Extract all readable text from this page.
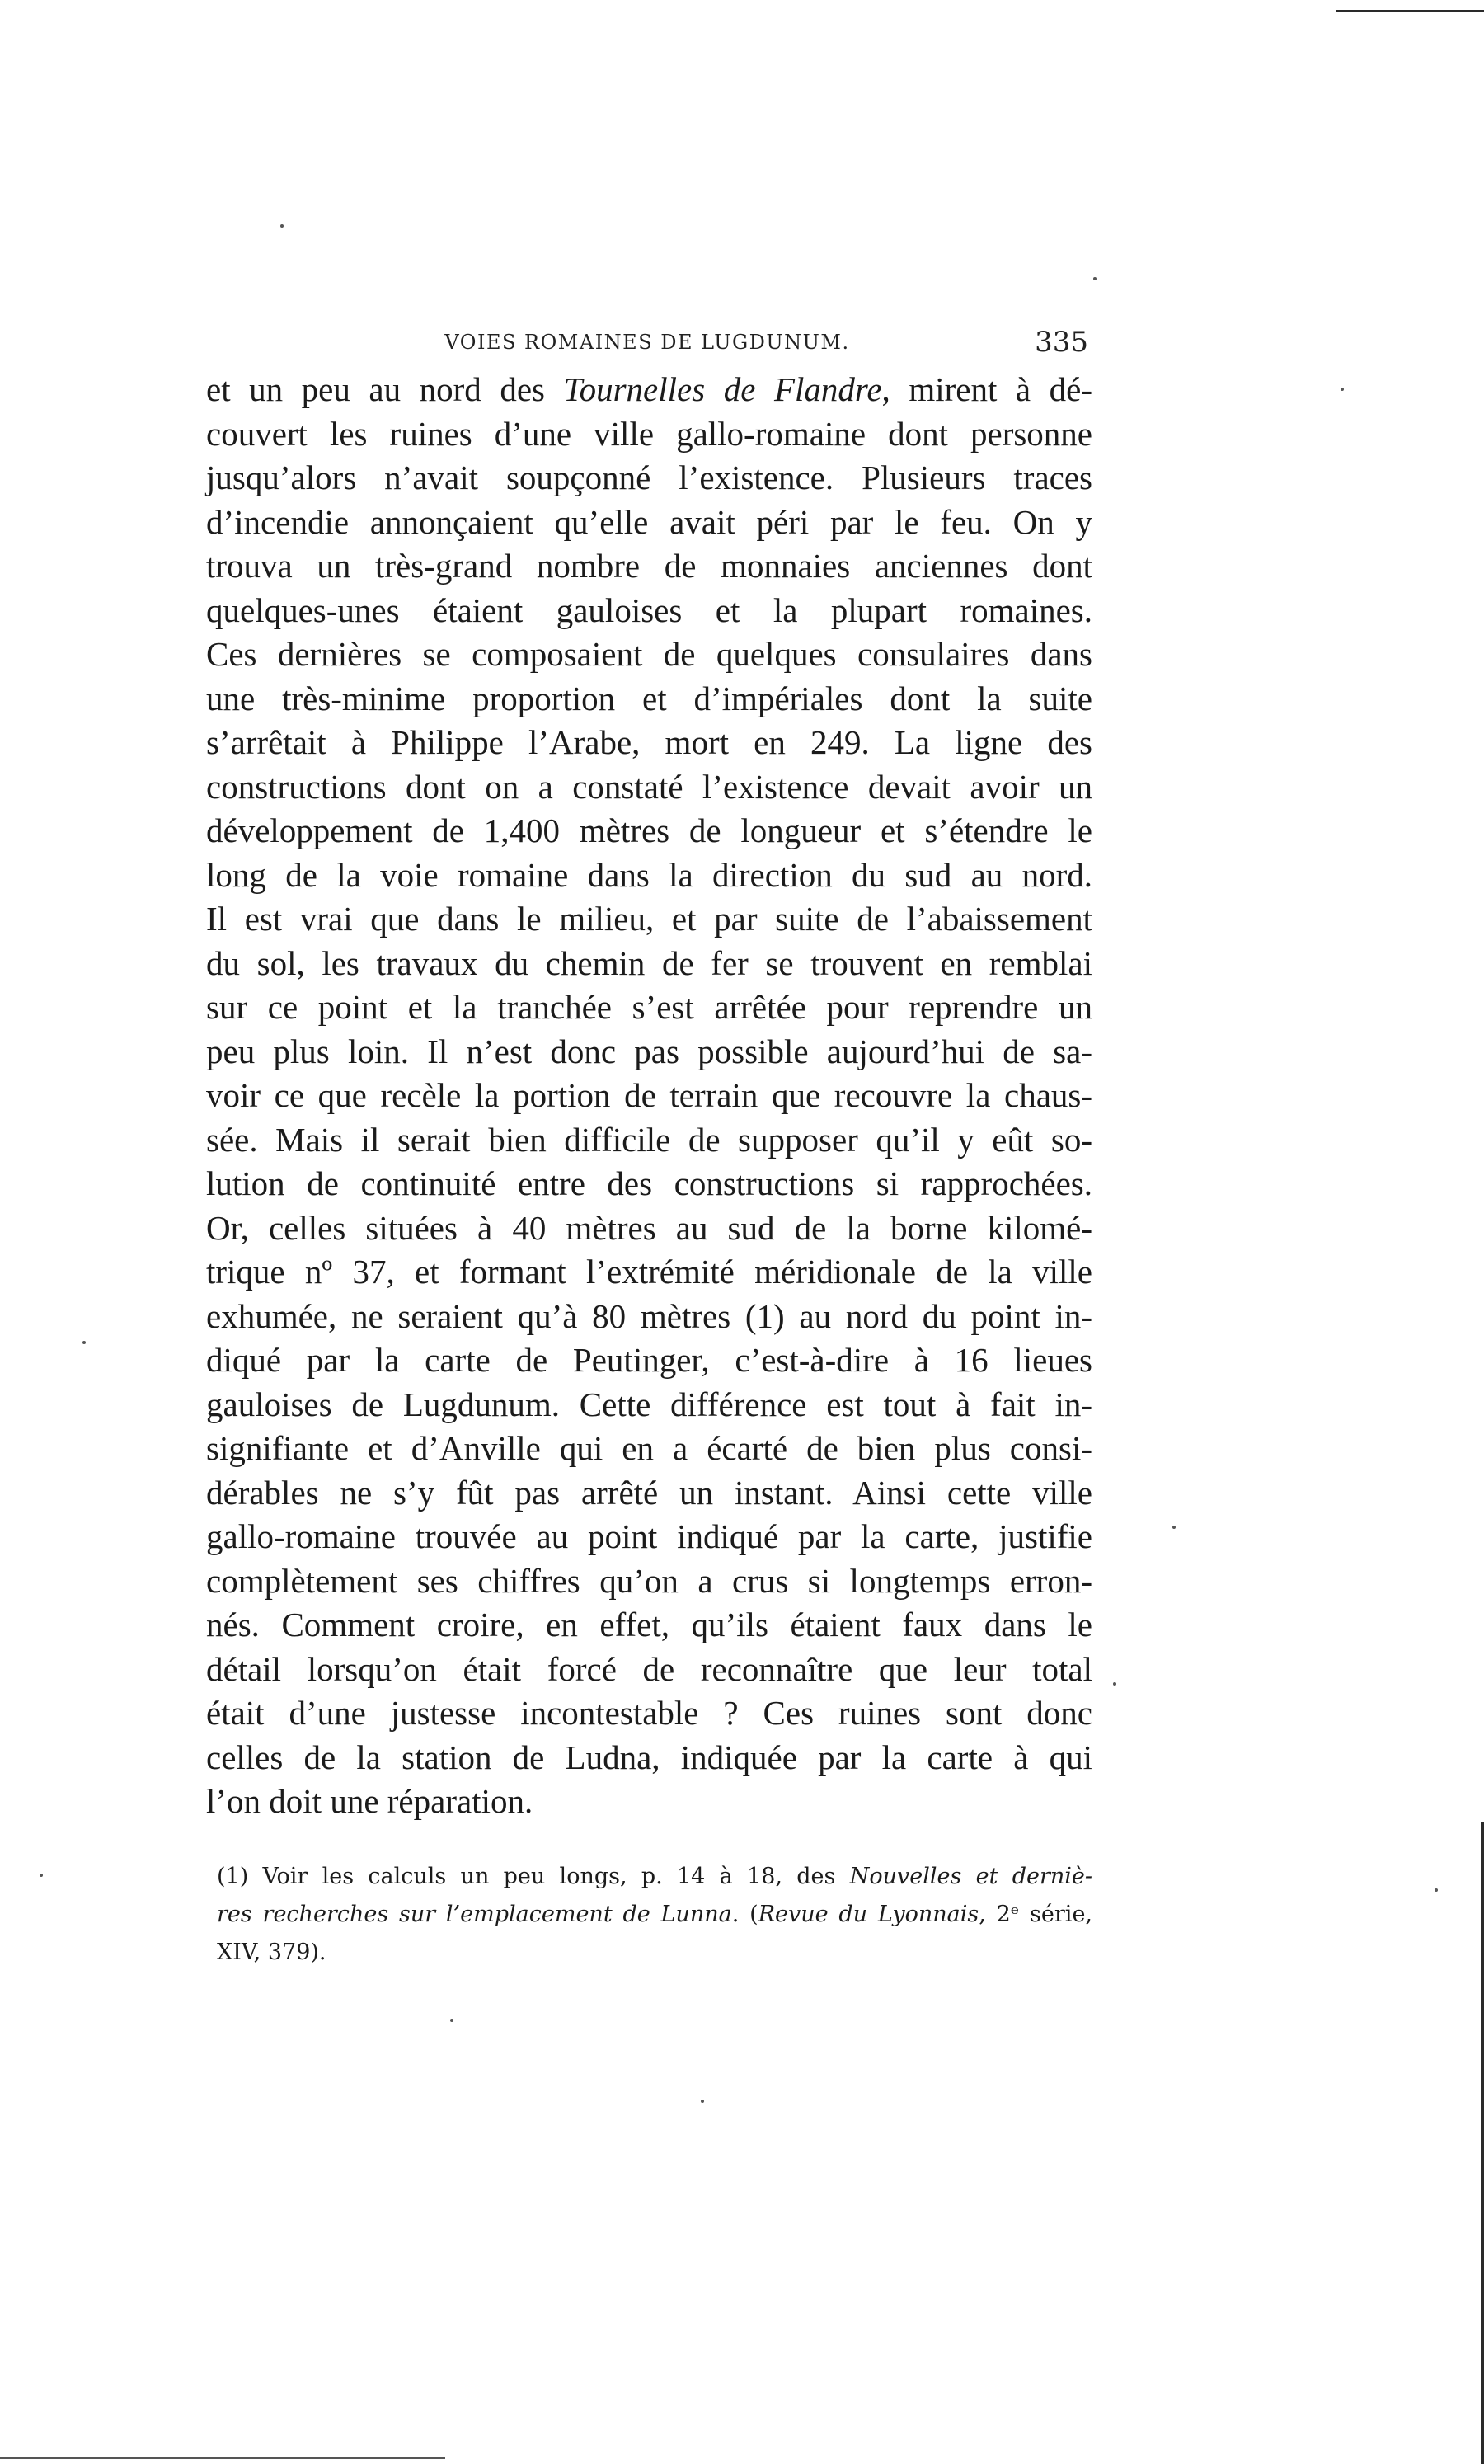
VOIES ROMAINES DE LUGDUNUM.	335
et un peu au nord des Tournelles de Flandre, mirent à dé-
couvert les ruines d’une ville gallo-romaine dont personne
jusqu’alors n’avait soupçonné l’existence. Plusieurs traces
d’incendie annonçaient qu’elle avait péri par le feu. On y
trouva un très-grand nombre de monnaies anciennes dont
quelques-unes étaient gauloises et la plupart romaines.
Ces dernières se composaient de quelques consulaires dans
une très-minime proportion et d’impériales dont la suite
s’arrêtait à Philippe l’Arabe, mort en 249. La ligne des
constructions dont on a constaté l’existence devait avoir un
développement de 1,400 mètres de longueur et s’étendre le
long de la voie romaine dans la direction du sud au nord.
Il est vrai que dans le milieu, et par suite de l’abaissement
du sol, les travaux du chemin de fer se trouvent en remblai
sur ce point et la tranchée s’est arrêtée pour reprendre un
peu plus loin. Il n’est donc pas possible aujourd’hui de sa-
voir ce que recèle la portion de terrain que recouvre la chaus-
sée. Mais il serait bien difficile de supposer qu’il y eût so-
lution de continuité entre des constructions si rapprochées.
Or, celles situées à 40 mètres au sud de la borne kilomé-
trique nº 37, et formant l’extrémité méridionale de la ville
exhumée, ne seraient qu’à 80 mètres (1) au nord du point in-
diqué par la carte de Peutinger, c’est-à-dire à 16 lieues
gauloises de Lugdunum. Cette différence est tout à fait in-
signifiante et d’Anville qui en a écarté de bien plus consi-
dérables ne s’y fût pas arrêté un instant. Ainsi cette ville
gallo-romaine trouvée au point indiqué par la carte, justifie
complètement ses chiffres qu’on a crus si longtemps erron-
nés. Comment croire, en effet, qu’ils étaient faux dans le
détail lorsqu’on était forcé de reconnaître que leur total
était d’une justesse incontestable ? Ces ruines sont donc
celles de la station de Ludna, indiquée par la carte à qui
l’on doit une réparation.
(1) Voir les calculs un peu longs, p. 14 à 18, des Nouvelles et derniè-
res recherches sur l’emplacement de Lunna. (Revue du Lyonnais, 2ᵉ série,
XIV, 379).
